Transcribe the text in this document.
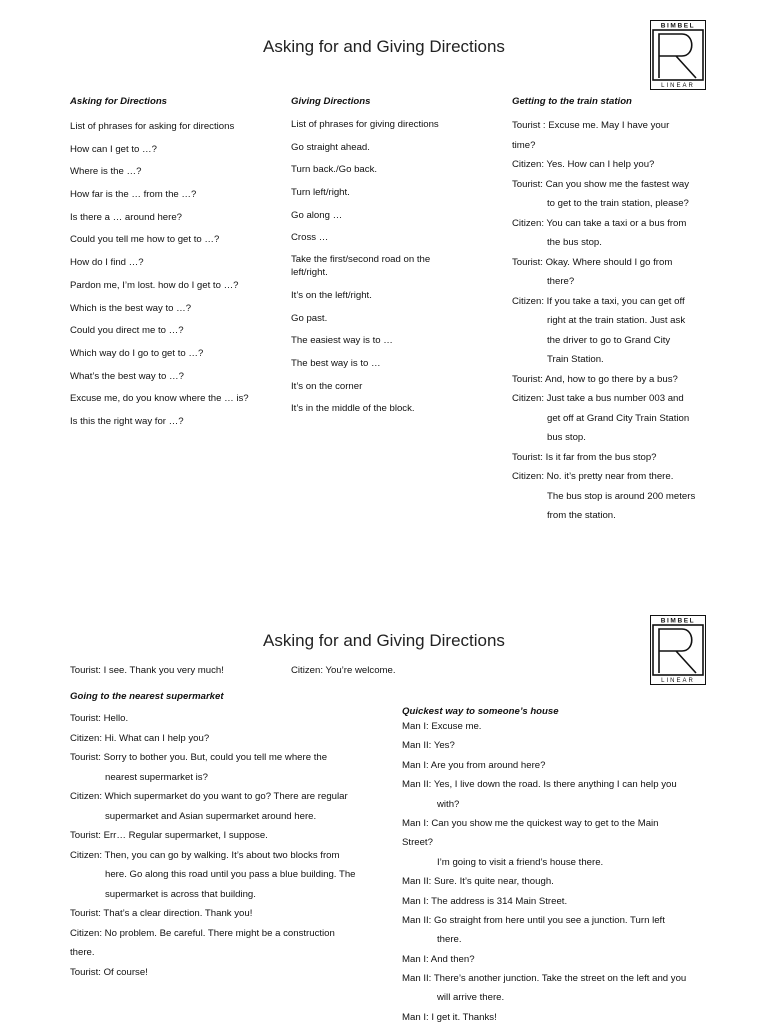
Asking for and Giving Directions
BIMBEL
LINEAR
Asking for Directions
List of phrases for asking for directions
How can I get to …?
Where is the …?
How far is the … from the …?
Is there a … around here?
Could you tell me how to get to …?
How do I find …?
Pardon me, I’m lost. how do I get to …?
Which is the best way to …?
Could you direct me to …?
Which way do I go to get to …?
What’s the best way to …?
Excuse me, do you know where the … is?
Is this the right way for …?
Giving Directions
List of phrases for giving directions
Go straight ahead.
Turn back./Go back.
Turn left/right.
Go along …
Cross …
Take the first/second road on the left/right.
It’s on the left/right.
Go past.
The easiest way is to …
The best way is to …
It’s on the corner
It’s in the middle of the block.
Getting to the train station
Tourist : Excuse me. May I have your
time?
Citizen: Yes. How can I help you?
Tourist: Can you show me the fastest way
to get to the train station, please?
Citizen: You can take a taxi or a bus from
the bus stop.
Tourist: Okay. Where should I go from
there?
Citizen: If you take a taxi, you can get off
right at the train station. Just ask
the driver to go to Grand City
Train Station.
Tourist: And, how to go there by a bus?
Citizen: Just take a bus number 003 and
get off at Grand City Train Station
bus stop.
Tourist: Is it far from the bus stop?
Citizen: No. it’s pretty near from there.
The bus stop is around 200 meters
from the station.
Asking for and Giving Directions
BIMBEL
LINEAR
Tourist: I see. Thank you very much!	Citizen: You’re welcome.
Going to the nearest supermarket
Tourist: Hello.
Citizen: Hi. What can I help you?
Tourist: Sorry to bother you. But, could you tell me where the
nearest supermarket is?
Citizen: Which supermarket do you want to go? There are regular
supermarket and Asian supermarket around here.
Tourist: Err… Regular supermarket, I suppose.
Citizen: Then, you can go by walking. It’s about two blocks from
here. Go along this road until you pass a blue building. The
supermarket is across that building.
Tourist: That’s a clear direction. Thank you!
Citizen: No problem. Be careful. There might be a construction
there.
Tourist: Of course!
Quickest way to someone’s house
Man I: Excuse me.
Man II: Yes?
Man I: Are you from around here?
Man II: Yes, I live down the road. Is there anything I can help you
with?
Man I: Can you show me the quickest way to get to the Main
Street?
I’m going to visit a friend’s house there.
Man II: Sure. It’s quite near, though.
Man I: The address is 314 Main Street.
Man II: Go straight from here until you see a junction. Turn left
there.
Man I: And then?
Man II: There’s another junction. Take the street on the left and you
will arrive there.
Man I: I get it. Thanks!
